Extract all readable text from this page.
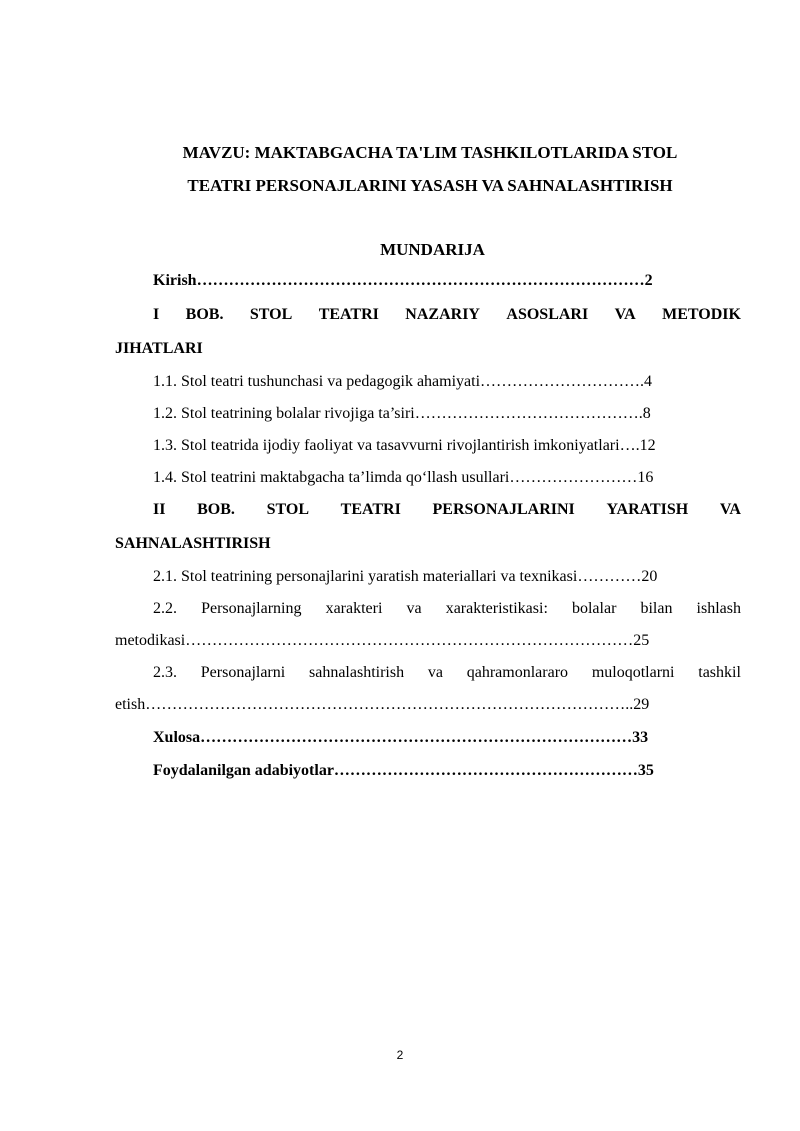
MAVZU: MAKTABGACHA TA'LIM TASHKILOTLARIDA STOL
TEATRI PERSONAJLARINI YASASH VA SAHNALASHTIRISH
MUNDARIJA
Kirish…………………………………………………………………………2
I BOB. STOL TEATRI NAZARIY ASOSLARI VA METODIK
JIHATLARI
1.1. Stol teatri tushunchasi va pedagogik ahamiyati………………………….4
1.2. Stol teatrining bolalar rivojiga ta’siri…………………………………….8
1.3. Stol teatrida ijodiy faoliyat va tasavvurni rivojlantirish imkoniyatlari….12
1.4. Stol teatrini maktabgacha ta’limda qo‘llash usullari……………………16
II BOB. STOL TEATRI PERSONAJLARINI YARATISH VA
SAHNALASHTIRISH
2.1. Stol teatrining personajlarini yaratish materiallari va texnikasi…………20
2.2. Personajlarning xarakteri va xarakteristikasi: bolalar bilan ishlash
metodikasi…………………………………………………………………………25
2.3. Personajlarni sahnalashtirish va qahramonlararo muloqotlarni tashkil
etish………………………………………………………………………………..29
Xulosa………………………………………………………………………33
Foydalanilgan adabiyotlar…………………………………………………35
2
